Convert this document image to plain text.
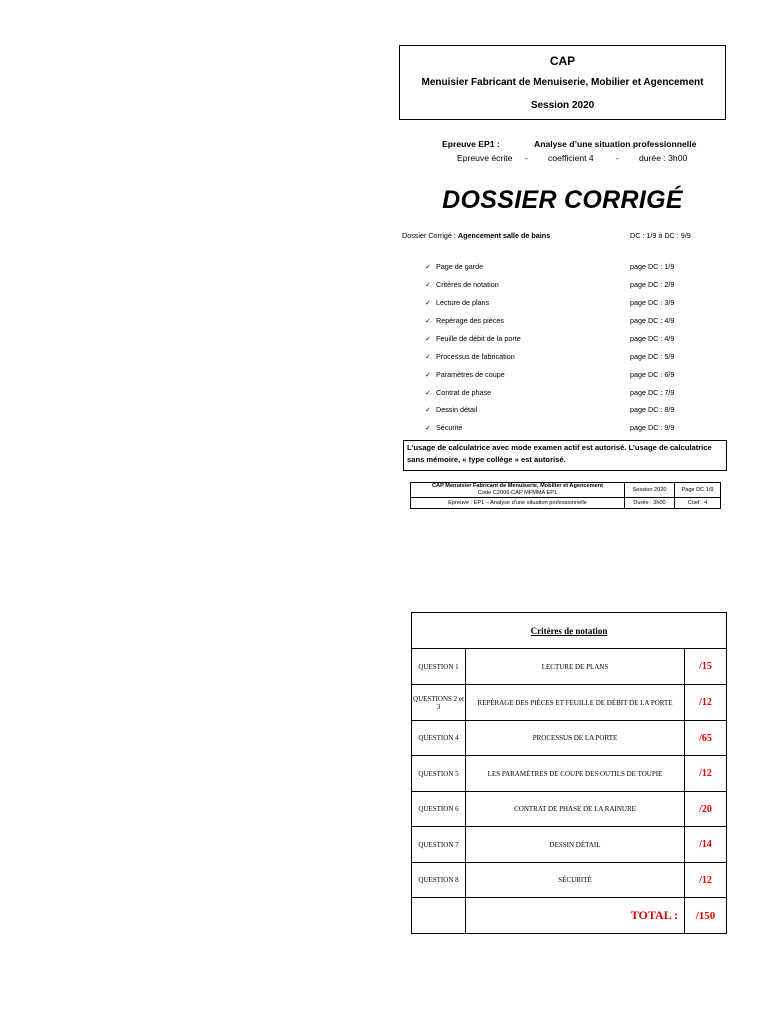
CAP
Menuisier Fabricant de Menuiserie, Mobilier et Agencement
Session 2020
Epreuve EP1 :	Analyse d’une situation professionnelle
Epreuve écrite - coefficient 4	- durée : 3h00
DOSSIER CORRIGÉ
Dossier Corrigé : Agencement salle de bains	DC : 1/9 à DC : 9/9
✓ Page de garde	page DC : 1/9
✓ Critères de notation	page DC : 2/9
✓ Lecture de plans	page DC : 3/9
✓ Repérage des pièces	page DC : 4/9
✓ Feuille de débit de la porte	page DC : 4/9
✓ Processus de fabrication	page DC : 5/9
✓ Paramètres de coupe	page DC : 6/9
✓ Contrat de phase	page DC : 7/9
✓ Dessin détail	page DC : 8/9
✓ Sécurité	page DC : 9/9
L’usage de calculatrice avec mode examen actif est autorisé. L’usage de calculatrice sans mémoire, « type collège » est autorisé.
CAP Menuisier Fabricant de Menuiserie, Mobilier et Agencement
Code C2006-CAP MFMMA EP1	Session 2020	Page DC 1/9
Epreuve : EP1 – Analyse d’une situation professionnelle	Durée : 3h00	Coef : 4
Critères de notation		
QUESTION 1	LECTURE DE PLANS	/15
QUESTIONS 2 et 3	REPÉRAGE DES PIÈCES ET FEUILLE DE DÉBIT DE LA PORTE	/12
QUESTION 4	PROCESSUS DE LA PORTE	/65
QUESTION 5	LES PARAMÈTRES DE COUPE DES OUTILS DE TOUPIE	/12
QUESTION 6	CONTRAT DE PHASE DE LA RAINURE	/20
QUESTION 7	DESSIN DÉTAIL	/14
QUESTION 8	SÉCURITÉ	/12
	TOTAL :	/150
